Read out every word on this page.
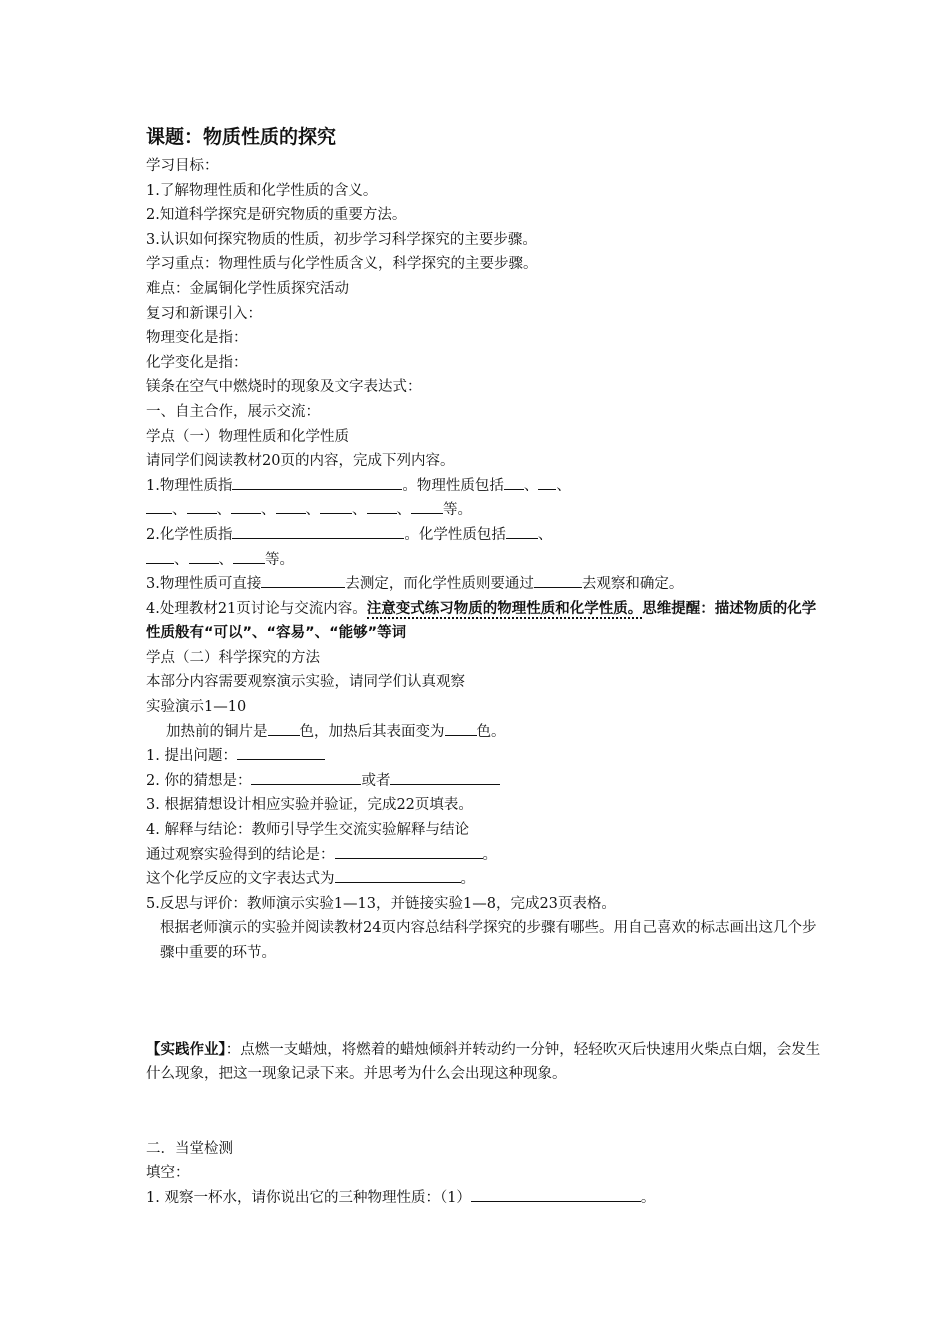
课题：物质性质的探究
学习目标：
1.了解物理性质和化学性质的含义。
2.知道科学探究是研究物质的重要方法。
3.认识如何探究物质的性质，初步学习科学探究的主要步骤。
学习重点：物理性质与化学性质含义，科学探究的主要步骤。
难点：金属铜化学性质探究活动
复习和新课引入：
物理变化是指：
化学变化是指：
镁条在空气中燃烧时的现象及文字表达式：
一、自主合作，展示交流：
学点（一）物理性质和化学性质
请同学们阅读教材20页的内容，完成下列内容。
1.物理性质指	。物理性质包括 、 、
、 、 、 、 、 、 等。
2.化学性质指	。化学性质包括 、
、 、 等。
3.物理性质可直接	去测定，而化学性质则要通过	去观察和确定。
4.处理教材21页讨论与交流内容。注意变式练习物质的物理性质和化学性质。思维提醒：描述物质的化学性质般有“可以”、“容易”、“能够”等词
学点（二）科学探究的方法
本部分内容需要观察演示实验，请同学们认真观察
实验演示1—10
加热前的铜片是 色，加热后其表面变为 色。
1. 提出问题：
2. 你的猜想是：	或者
3. 根据猜想设计相应实验并验证，完成22页填表。
4. 解释与结论：教师引导学生交流实验解释与结论
通过观察实验得到的结论是：	。
这个化学反应的文字表达式为	。
5.反思与评价：教师演示实验1—13，并链接实验1—8，完成23页表格。
根据老师演示的实验并阅读教材24页内容总结科学探究的步骤有哪些。用自己喜欢的标志画出这几个步骤中重要的环节。
【实践作业】：点燃一支蜡烛，将燃着的蜡烛倾斜并转动约一分钟，轻轻吹灭后快速用火柴点白烟，会发生什么现象，把这一现象记录下来。并思考为什么会出现这种现象。
二．当堂检测
填空：
1. 观察一杯水，请你说出它的三种物理性质：（1）	。
